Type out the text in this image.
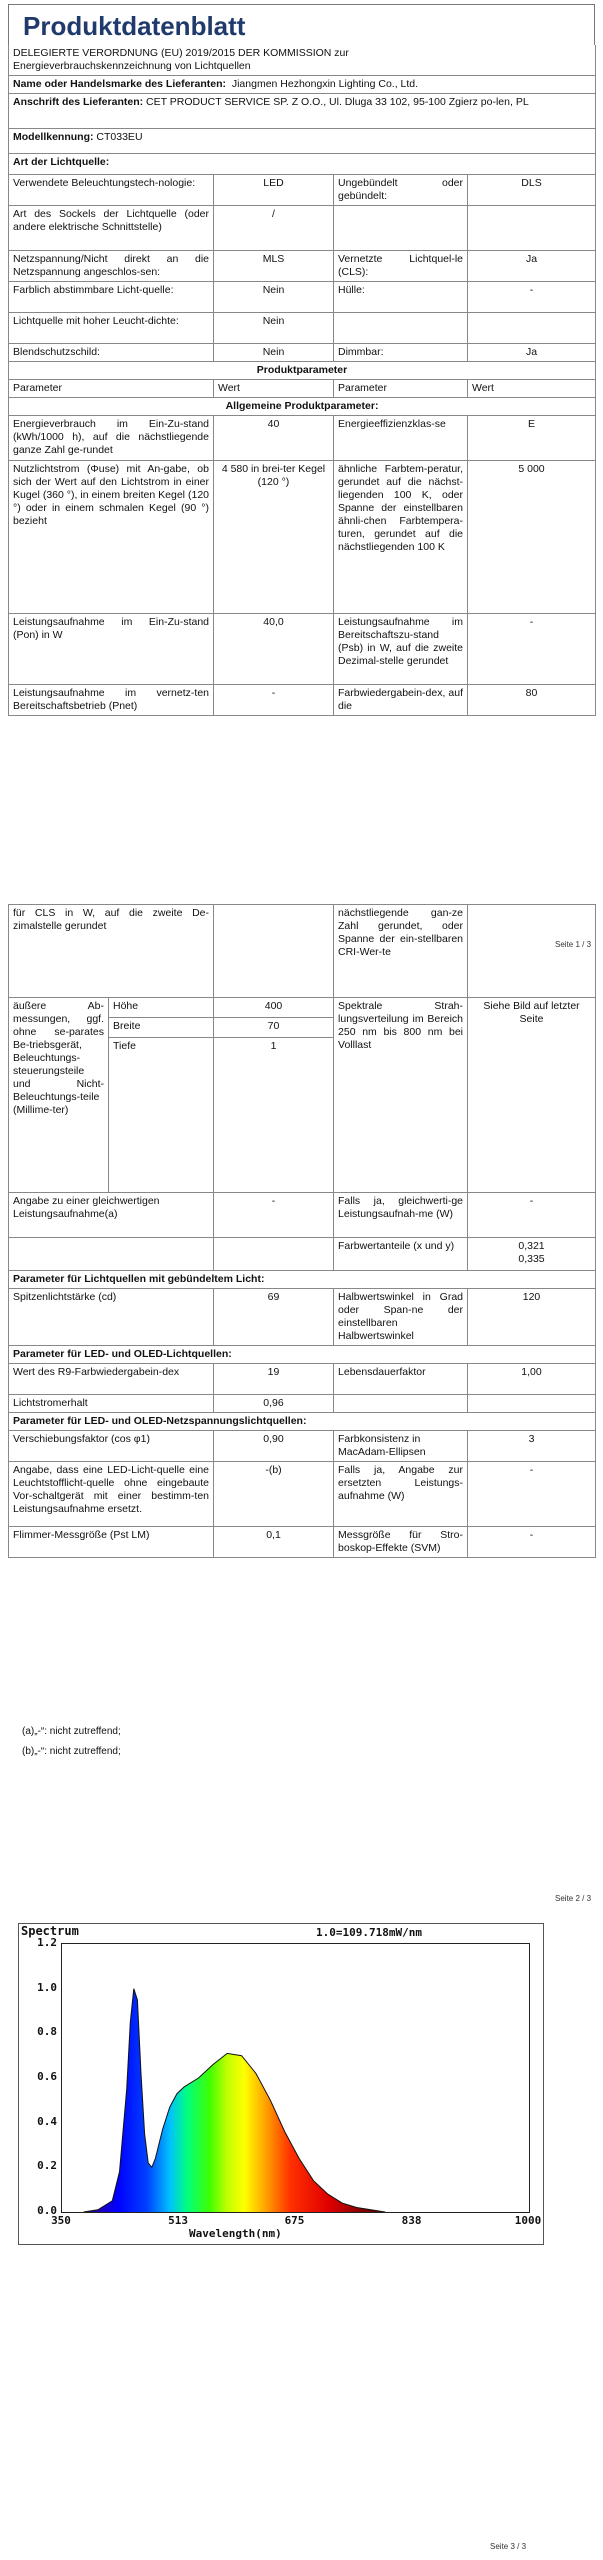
Produktdatenblatt
DELEGIERTE VERORDNUNG (EU) 2019/2015 DER KOMMISSION zur
Energieverbrauchskennzeichnung von Lichtquellen			

Name oder Handelsmarke des Lieferanten: Jiangmen Hezhongxin Lighting Co., Ltd.			
Anschrift des Lieferanten: CET PRODUCT SERVICE SP. Z O.O., Ul. Dluga 33 102, 95-100 Zgierz po-len, PL			
Modellkennung: CT033EU			
Art der Lichtquelle:			
Verwendete Beleuchtungstech-nologie:	LED	Ungebündelt oder gebündelt:	DLS
Art des Sockels der Lichtquelle (oder andere elektrische Schnittstelle)	/		
Netzspannung/Nicht direkt an die Netzspannung angeschlos-sen:	MLS	Vernetzte Lichtquel-le (CLS):	Ja
Farblich abstimmbare Licht-quelle:	Nein	Hülle:	-
Lichtquelle mit hoher Leucht-dichte:	Nein		
Blendschutzschild:	Nein	Dimmbar:	Ja
Produktparameter			
Parameter	Wert	Parameter	Wert
Allgemeine Produktparameter:			
Energieverbrauch im Ein-Zu-stand (kWh/1000 h), auf die nächstliegende ganze Zahl ge-rundet	40	Energieeffizienzklas-se	E
Nutzlichtstrom (Φuse) mit An-gabe, ob sich der Wert auf den Lichtstrom in einer Kugel (360 °), in einem breiten Kegel (120 °) oder in einem schmalen Kegel (90 °) bezieht	4 580 in brei-ter Kegel (120 °)	ähnliche Farbtem-peratur, gerundet auf die nächst-liegenden 100 K, oder Spanne der einstellbaren ähnli-chen Farbtempera-turen, gerundet auf die nächstliegenden 100 K	5 000
Leistungsaufnahme im Ein-Zu-stand (Pon) in W	40,0	Leistungsaufnahme im Bereitschaftszu-stand (Psb) in W, auf die zweite Dezimal-stelle gerundet	-
Leistungsaufnahme im vernetz-ten Bereitschaftsbetrieb (Pnet)	-	Farbwiedergabein-dex, auf die	80
Seite 1 / 3
für CLS in W, auf die zweite De-zimalstelle gerundet			nächstliegende gan-ze Zahl gerundet, oder Spanne der ein-stellbaren CRI-Wer-te	
äußere Ab-messungen, ggf. ohne se-parates Be-triebsgerät, Beleuchtungs-steuerungsteile und Nicht-Beleuchtungs-teile (Millime-ter)	Höhe	400	Spektrale Strah-lungsverteilung im Bereich 250 nm bis 800 nm bei Volllast	Siehe Bild auf letzter Seite
	Breite	70		
	Tiefe	1		
Angabe zu einer gleichwertigen Leistungsaufnahme(a)		-	Falls ja, gleichwerti-ge Leistungsaufnah-me (W)	-
			Farbwertanteile (x und y)	0,321
0,335

Parameter für Lichtquellen mit gebündeltem Licht:				
Spitzenlichtstärke (cd)		69	Halbwertswinkel in Grad oder Span-ne der einstellbaren Halbwertswinkel	120
Parameter für LED- und OLED-Lichtquellen:				
Wert des R9-Farbwiedergabein-dex		19	Lebensdauerfaktor	1,00
Lichtstromerhalt		0,96		
Parameter für LED- und OLED-Netzspannungslichtquellen:				
Verschiebungsfaktor (cos φ1)		0,90	Farbkonsistenz in MacAdam-Ellipsen	3
Angabe, dass eine LED-Licht-quelle eine Leuchtstofflicht-quelle ohne eingebaute Vor-schaltgerät mit einer bestimm-ten Leistungsaufnahme ersetzt.		-(b)	Falls ja, Angabe zur ersetzten Leistungs-aufnahme (W)	-
Flimmer-Messgröße (Pst LM)		0,1	Messgröße für Stro-boskop-Effekte (SVM)	-
(a)„-“: nicht zutreffend;
(b)„-“: nicht zutreffend;
Seite 2 / 3
Spectrum	1.0=109.718mW/nm
0.0
0.2
0.4
0.6
0.8
1.0
1.2
350	513	675	838	1000
Wavelength(nm)
Seite 3 / 3
